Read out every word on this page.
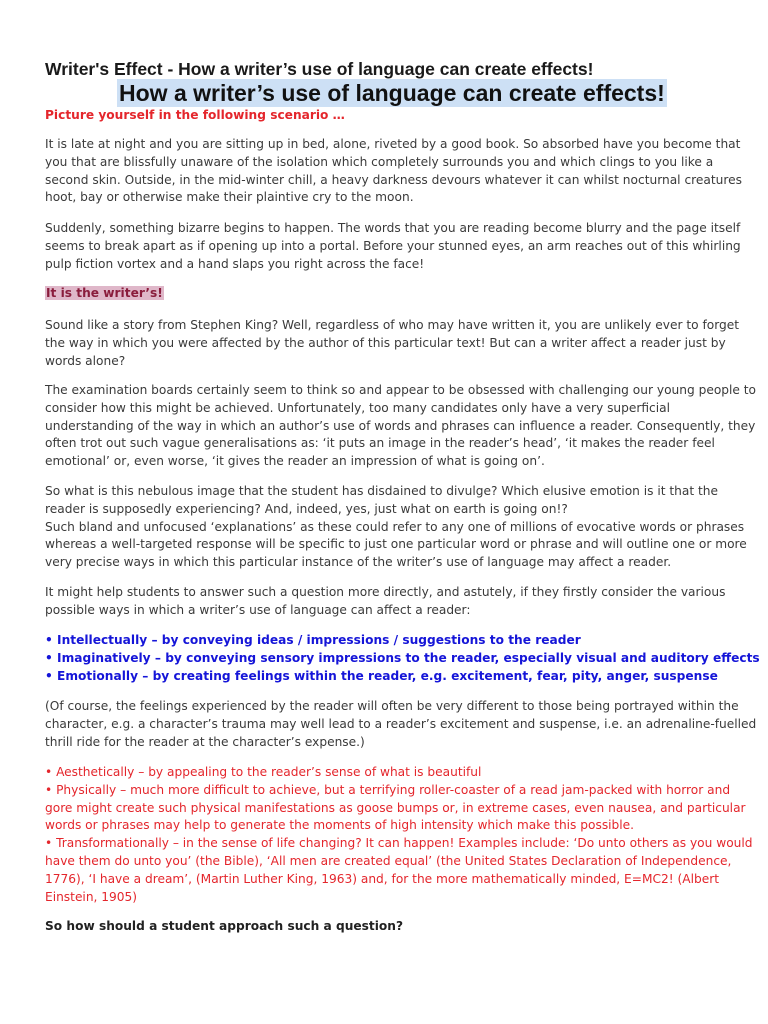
Writer's Effect - How a writer’s use of language can create effects!
How a writer’s use of language can create effects!
Picture yourself in the following scenario …
It is late at night and you are sitting up in bed, alone, riveted by a good book. So absorbed have you become that
you that are blissfully unaware of the isolation which completely surrounds you and which clings to you like a
second skin. Outside, in the mid-winter chill, a heavy darkness devours whatever it can whilst nocturnal creatures
hoot, bay or otherwise make their plaintive cry to the moon.
Suddenly, something bizarre begins to happen. The words that you are reading become blurry and the page itself
seems to break apart as if opening up into a portal. Before your stunned eyes, an arm reaches out of this whirling
pulp fiction vortex and a hand slaps you right across the face!
It is the writer’s!
Sound like a story from Stephen King? Well, regardless of who may have written it, you are unlikely ever to forget
the way in which you were affected by the author of this particular text! But can a writer affect a reader just by
words alone?
The examination boards certainly seem to think so and appear to be obsessed with challenging our young people to
consider how this might be achieved. Unfortunately, too many candidates only have a very superficial
understanding of the way in which an author’s use of words and phrases can influence a reader. Consequently, they
often trot out such vague generalisations as: ‘it puts an image in the reader’s head’, ‘it makes the reader feel
emotional’ or, even worse, ‘it gives the reader an impression of what is going on’.
So what is this nebulous image that the student has disdained to divulge? Which elusive emotion is it that the
reader is supposedly experiencing? And, indeed, yes, just what on earth is going on!?
Such bland and unfocused ‘explanations’ as these could refer to any one of millions of evocative words or phrases
whereas a well-targeted response will be specific to just one particular word or phrase and will outline one or more
very precise ways in which this particular instance of the writer’s use of language may affect a reader.
It might help students to answer such a question more directly, and astutely, if they firstly consider the various
possible ways in which a writer’s use of language can affect a reader:
• Intellectually – by conveying ideas / impressions / suggestions to the reader
• Imaginatively – by conveying sensory impressions to the reader, especially visual and auditory effects
• Emotionally – by creating feelings within the reader, e.g. excitement, fear, pity, anger, suspense
(Of course, the feelings experienced by the reader will often be very different to those being portrayed within the
character, e.g. a character’s trauma may well lead to a reader’s excitement and suspense, i.e. an adrenaline-fuelled
thrill ride for the reader at the character’s expense.)
• Aesthetically – by appealing to the reader’s sense of what is beautiful
• Physically – much more difficult to achieve, but a terrifying roller-coaster of a read jam-packed with horror and
gore might create such physical manifestations as goose bumps or, in extreme cases, even nausea, and particular
words or phrases may help to generate the moments of high intensity which make this possible.
• Transformationally – in the sense of life changing? It can happen! Examples include: ‘Do unto others as you would
have them do unto you’ (the Bible), ‘All men are created equal’ (the United States Declaration of Independence,
1776), ‘I have a dream’, (Martin Luther King, 1963) and, for the more mathematically minded, E=MC2! (Albert
Einstein, 1905)
So how should a student approach such a question?
